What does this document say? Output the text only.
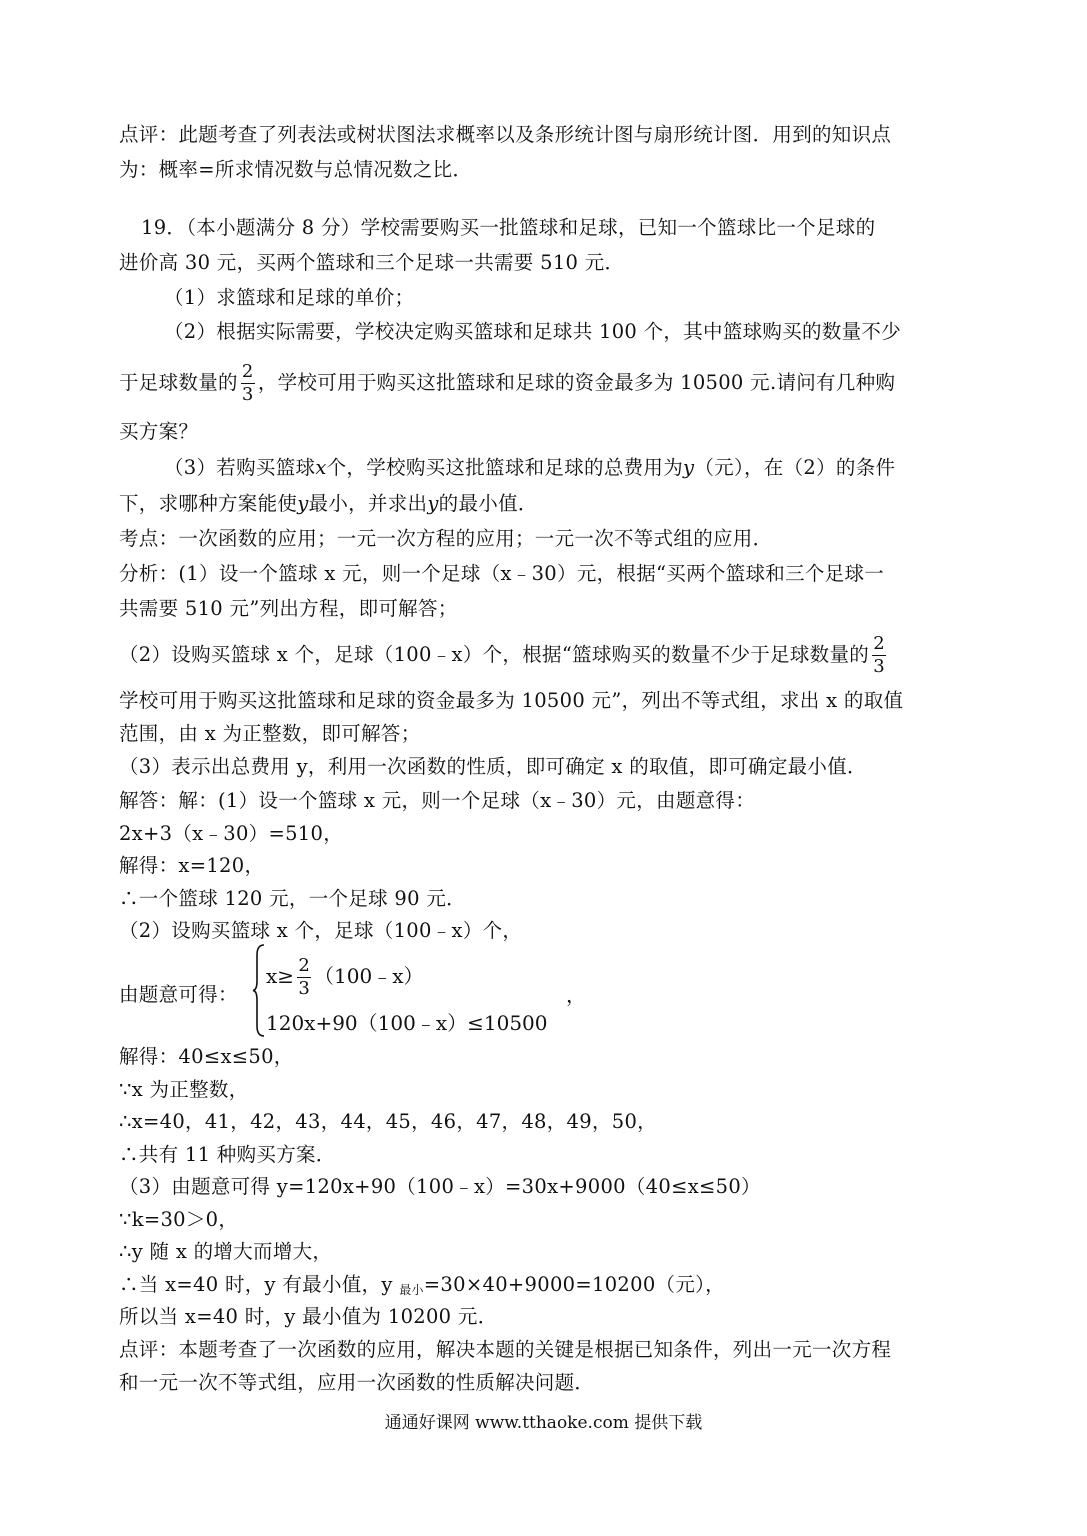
点评：此题考查了列表法或树状图法求概率以及条形统计图与扇形统计图．用到的知识点
为：概率=所求情况数与总情况数之比．
19．（本小题满分 8 分）学校需要购买一批篮球和足球，已知一个篮球比一个足球的
进价高 30 元，买两个篮球和三个足球一共需要 510 元．
（1）求篮球和足球的单价；
（2）根据实际需要，学校决定购买篮球和足球共 100 个，其中篮球购买的数量不少
于足球数量的 $\frac{2}{3}$ ，学校可用于购买这批篮球和足球的资金最多为 10500 元.请问有几种购
买方案？
（3）若购买篮球x个，学校购买这批篮球和足球的总费用为y（元），在（2）的条件
下，求哪种方案能使y最小，并求出y的最小值．
考点：一次函数的应用；一元一次方程的应用；一元一次不等式组的应用．
分析：(1）设一个篮球 x 元，则一个足球（x﹣30）元，根据“买两个篮球和三个足球一
共需要 510 元”列出方程，即可解答；
（2）设购买篮球 x 个，足球（100﹣x）个，根据“篮球购买的数量不少于足球数量的 $\frac{2}{3}$
学校可用于购买这批篮球和足球的资金最多为 10500 元”，列出不等式组，求出 x 的取值
范围，由 x 为正整数，即可解答；
（3）表示出总费用 y，利用一次函数的性质，即可确定 x 的取值，即可确定最小值．
解答：解：(1）设一个篮球 x 元，则一个足球（x﹣30）元，由题意得：
2x+3（x﹣30）=510，
解得：x=120，
∴一个篮球 120 元，一个足球 90 元．
（2）设购买篮球 x 个，足球（100﹣x）个，
由题意可得：
$x\ge \frac{2}{3}$ （100﹣x）
120x+90（100﹣x）≤10500
，
解得：40≤x≤50，
∵x 为正整数，
∴x=40，41，42，43，44，45，46，47，48，49，50，
∴共有 11 种购买方案．
（3）由题意可得 y=120x+90（100﹣x）=30x+9000（40≤x≤50）
∵k=30＞0，
∴y 随 x 的增大而增大，
∴当 x=40 时，y 有最小值，y $_{最小}$=30×40+9000=10200（元），
所以当 x=40 时，y 最小值为 10200 元．
点评：本题考查了一次函数的应用，解决本题的关键是根据已知条件，列出一元一次方程
和一元一次不等式组，应用一次函数的性质解决问题．
通通好课网 www.tthaoke.com 提供下载
